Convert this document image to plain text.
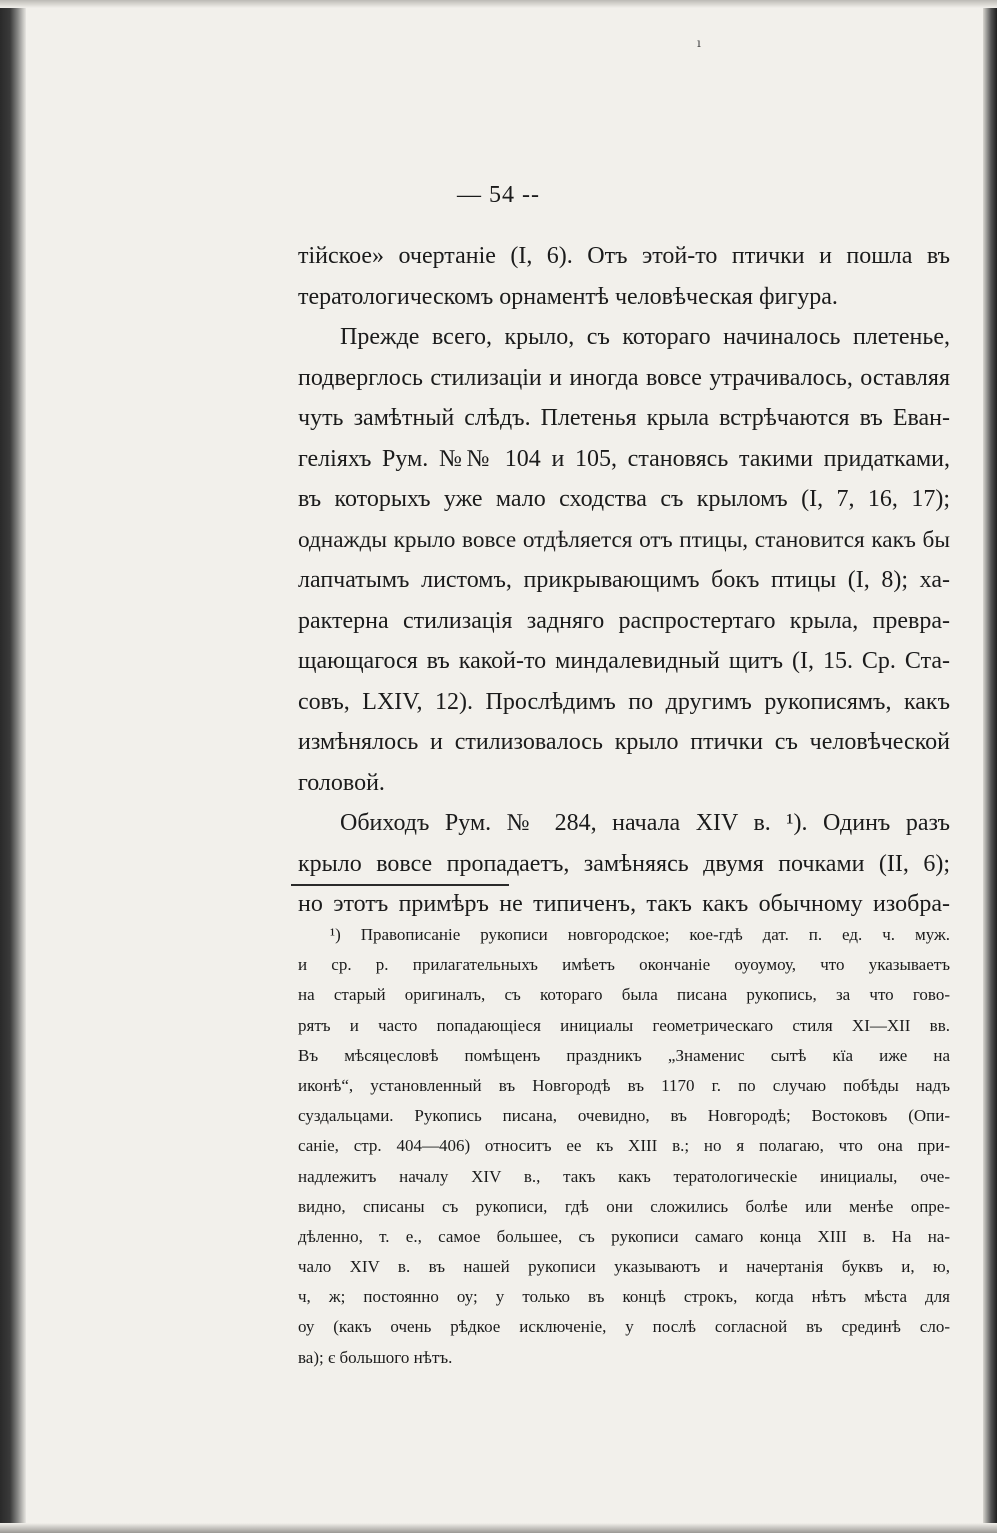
ı
— 54 --
тійское» очертаніе (I, 6). Отъ этой-то птички и пошла въ
тератологическомъ орнаментѣ человѣческая фигура.
Прежде всего, крыло, съ котораго начиналось плетенье,
подверглось стилизаціи и иногда вовсе утрачивалось, оставляя
чуть замѣтный слѣдъ. Плетенья крыла встрѣчаются въ Еван-
геліяхъ Рум. №№ 104 и 105, становясь такими придатками,
въ которыхъ уже мало сходства съ крыломъ (I, 7, 16, 17);
однажды крыло вовсе отдѣляется отъ птицы, становится какъ бы
лапчатымъ листомъ, прикрывающимъ бокъ птицы (I, 8); ха-
рактерна стилизація задняго распростертаго крыла, превра-
щающагося въ какой-то миндалевидный щитъ (I, 15. Ср. Ста-
совъ, LXIV, 12). Прослѣдимъ по другимъ рукописямъ, какъ
измѣнялось и стилизовалось крыло птички съ человѣческой
головой.
Обиходъ Рум. № 284, начала XIV в. ¹). Одинъ разъ
крыло вовсе пропадаетъ, замѣняясь двумя почками (II, 6);
но этотъ примѣръ не типиченъ, такъ какъ обычному изобра-
¹) Правописаніе рукописи новгородское; кое-гдѣ дат. п. ед. ч. муж.
и ср. р. прилагательныхъ имѣетъ окончаніе оуоумоу, что указываетъ
на старый оригиналъ, съ котораго была писана рукопись, за что гово-
рятъ и часто попадающіеся инициалы геометрическаго стиля XI—XII вв.
Въ мѣсяцесловѣ помѣщенъ праздникъ „Знаменис сытѣ кїа иже на
иконѣ“, установленный въ Новгородѣ въ 1170 г. по случаю побѣды надъ
суздальцами. Рукопись писана, очевидно, въ Новгородѣ; Востоковъ (Опи-
саніе, стр. 404—406) относитъ ее къ XIII в.; но я полагаю, что она при-
надлежитъ началу XIV в., такъ какъ тератологическіе инициалы, оче-
видно, списаны съ рукописи, гдѣ они сложились болѣе или менѣе опре-
дѣленно, т. е., самое большее, съ рукописи самаго конца XIII в. На на-
чало XIV в. въ нашей рукописи указываютъ и начертанія буквъ и, ю,
ч, ж; постоянно оу; у только въ концѣ строкъ, когда нѣтъ мѣста для
оу (какъ очень рѣдкое исключеніе, у послѣ согласной въ срединѣ сло-
ва); є большого нѣтъ.
